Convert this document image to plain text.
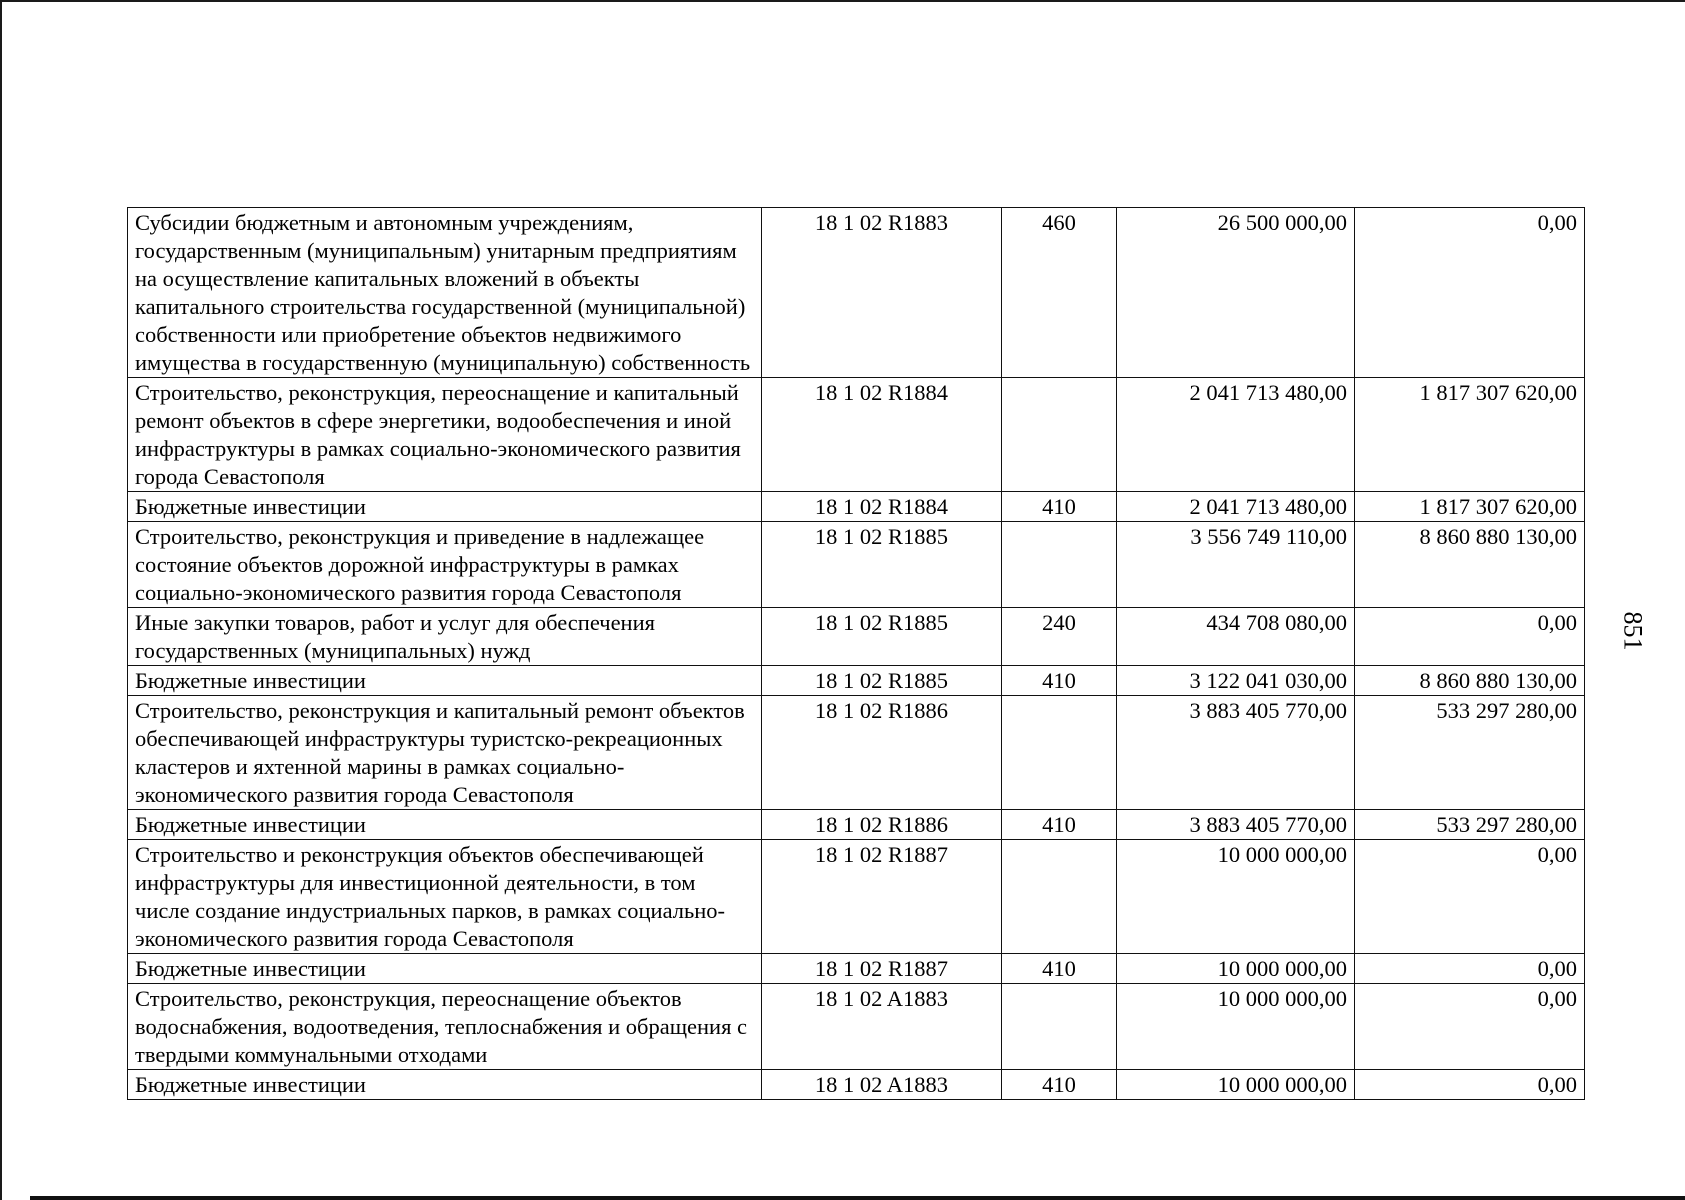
Субсидии бюджетным и автономным учреждениям, государственным (муниципальным) унитарным предприятиям на осуществление капитальных вложений в объекты капитального строительства государственной (муниципальной) собственности или приобретение объектов недвижимого имущества в государственную (муниципальную) собственность	18 1 02 R1883	460	26 500 000,00	0,00
Строительство, реконструкция, переоснащение и капитальный ремонт объектов в сфере энергетики, водообеспечения и иной инфраструктуры в рамках социально-экономического развития города Севастополя	18 1 02 R1884		2 041 713 480,00	1 817 307 620,00
Бюджетные инвестиции	18 1 02 R1884	410	2 041 713 480,00	1 817 307 620,00
Строительство, реконструкция и приведение в надлежащее состояние объектов дорожной инфраструктуры в рамках социально-экономического развития города Севастополя	18 1 02 R1885		3 556 749 110,00	8 860 880 130,00
Иные закупки товаров, работ и услуг для обеспечения государственных (муниципальных) нужд	18 1 02 R1885	240	434 708 080,00	0,00
Бюджетные инвестиции	18 1 02 R1885	410	3 122 041 030,00	8 860 880 130,00
Строительство, реконструкция и капитальный ремонт объектов обеспечивающей инфраструктуры туристско-рекреационных кластеров и яхтенной марины в рамках социально-экономического развития города Севастополя	18 1 02 R1886		3 883 405 770,00	533 297 280,00
Бюджетные инвестиции	18 1 02 R1886	410	3 883 405 770,00	533 297 280,00
Строительство и реконструкция объектов обеспечивающей инфраструктуры для инвестиционной деятельности, в том числе создание индустриальных парков, в рамках социально-экономического развития города Севастополя	18 1 02 R1887		10 000 000,00	0,00
Бюджетные инвестиции	18 1 02 R1887	410	10 000 000,00	0,00
Строительство, реконструкция, переоснащение объектов водоснабжения, водоотведения, теплоснабжения и обращения с твердыми коммунальными отходами	18 1 02 A1883		10 000 000,00	0,00
Бюджетные инвестиции	18 1 02 A1883	410	10 000 000,00	0,00
851
